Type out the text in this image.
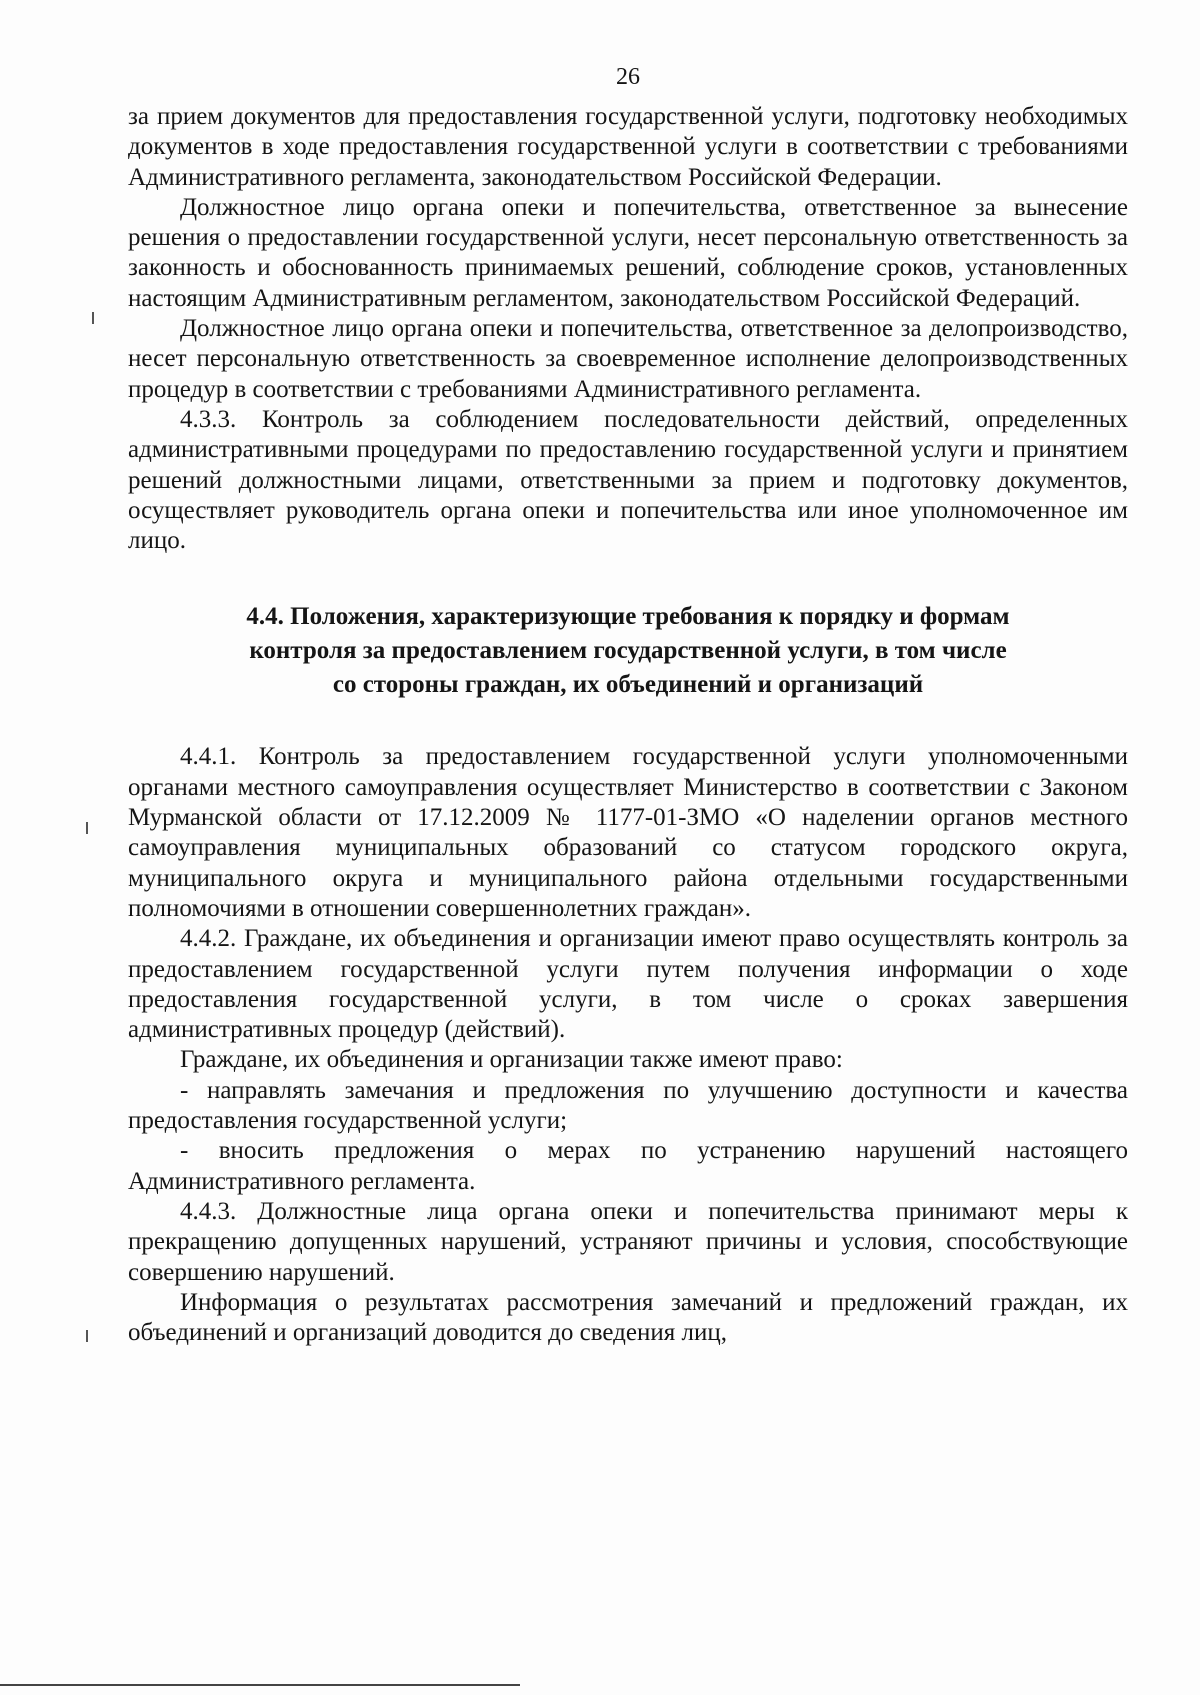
26

за прием документов для предоставления государственной услуги, подготовку необходимых документов в ходе предоставления государственной услуги в соответствии с требованиями Административного регламента, законодательством Российской Федерации.

Должностное лицо органа опеки и попечительства, ответственное за вынесение решения о предоставлении государственной услуги, несет персональную ответственность за законность и обоснованность принимаемых решений, соблюдение сроков, установленных настоящим Административным регламентом, законодательством Российской Федераций.

Должностное лицо органа опеки и попечительства, ответственное за делопроизводство, несет персональную ответственность за своевременное исполнение делопроизводственных процедур в соответствии с требованиями Административного регламента.

4.3.3. Контроль за соблюдением последовательности действий, определенных административными процедурами по предоставлению государственной услуги и принятием решений должностными лицами, ответственными за прием и подготовку документов, осуществляет руководитель органа опеки и попечительства или иное уполномоченное им лицо.

4.4. Положения, характеризующие требования к порядку и формам
контроля за предоставлением государственной услуги, в том числе
со стороны граждан, их объединений и организаций

4.4.1. Контроль за предоставлением государственной услуги уполномоченными органами местного самоуправления осуществляет Министерство в соответствии с Законом Мурманской области от 17.12.2009 № 1177-01-ЗМО «О наделении органов местного самоуправления муниципальных образований со статусом городского округа, муниципального округа и муниципального района отдельными государственными полномочиями в отношении совершеннолетних граждан».

4.4.2. Граждане, их объединения и организации имеют право осуществлять контроль за предоставлением государственной услуги путем получения информации о ходе предоставления государственной услуги, в том числе о сроках завершения административных процедур (действий).

Граждане, их объединения и организации также имеют право:

- направлять замечания и предложения по улучшению доступности и качества предоставления государственной услуги;

- вносить предложения о мерах по устранению нарушений настоящего Административного регламента.

4.4.3. Должностные лица органа опеки и попечительства принимают меры к прекращению допущенных нарушений, устраняют причины и условия, способствующие совершению нарушений.

Информация о результатах рассмотрения замечаний и предложений граждан, их объединений и организаций доводится до сведения лиц,
